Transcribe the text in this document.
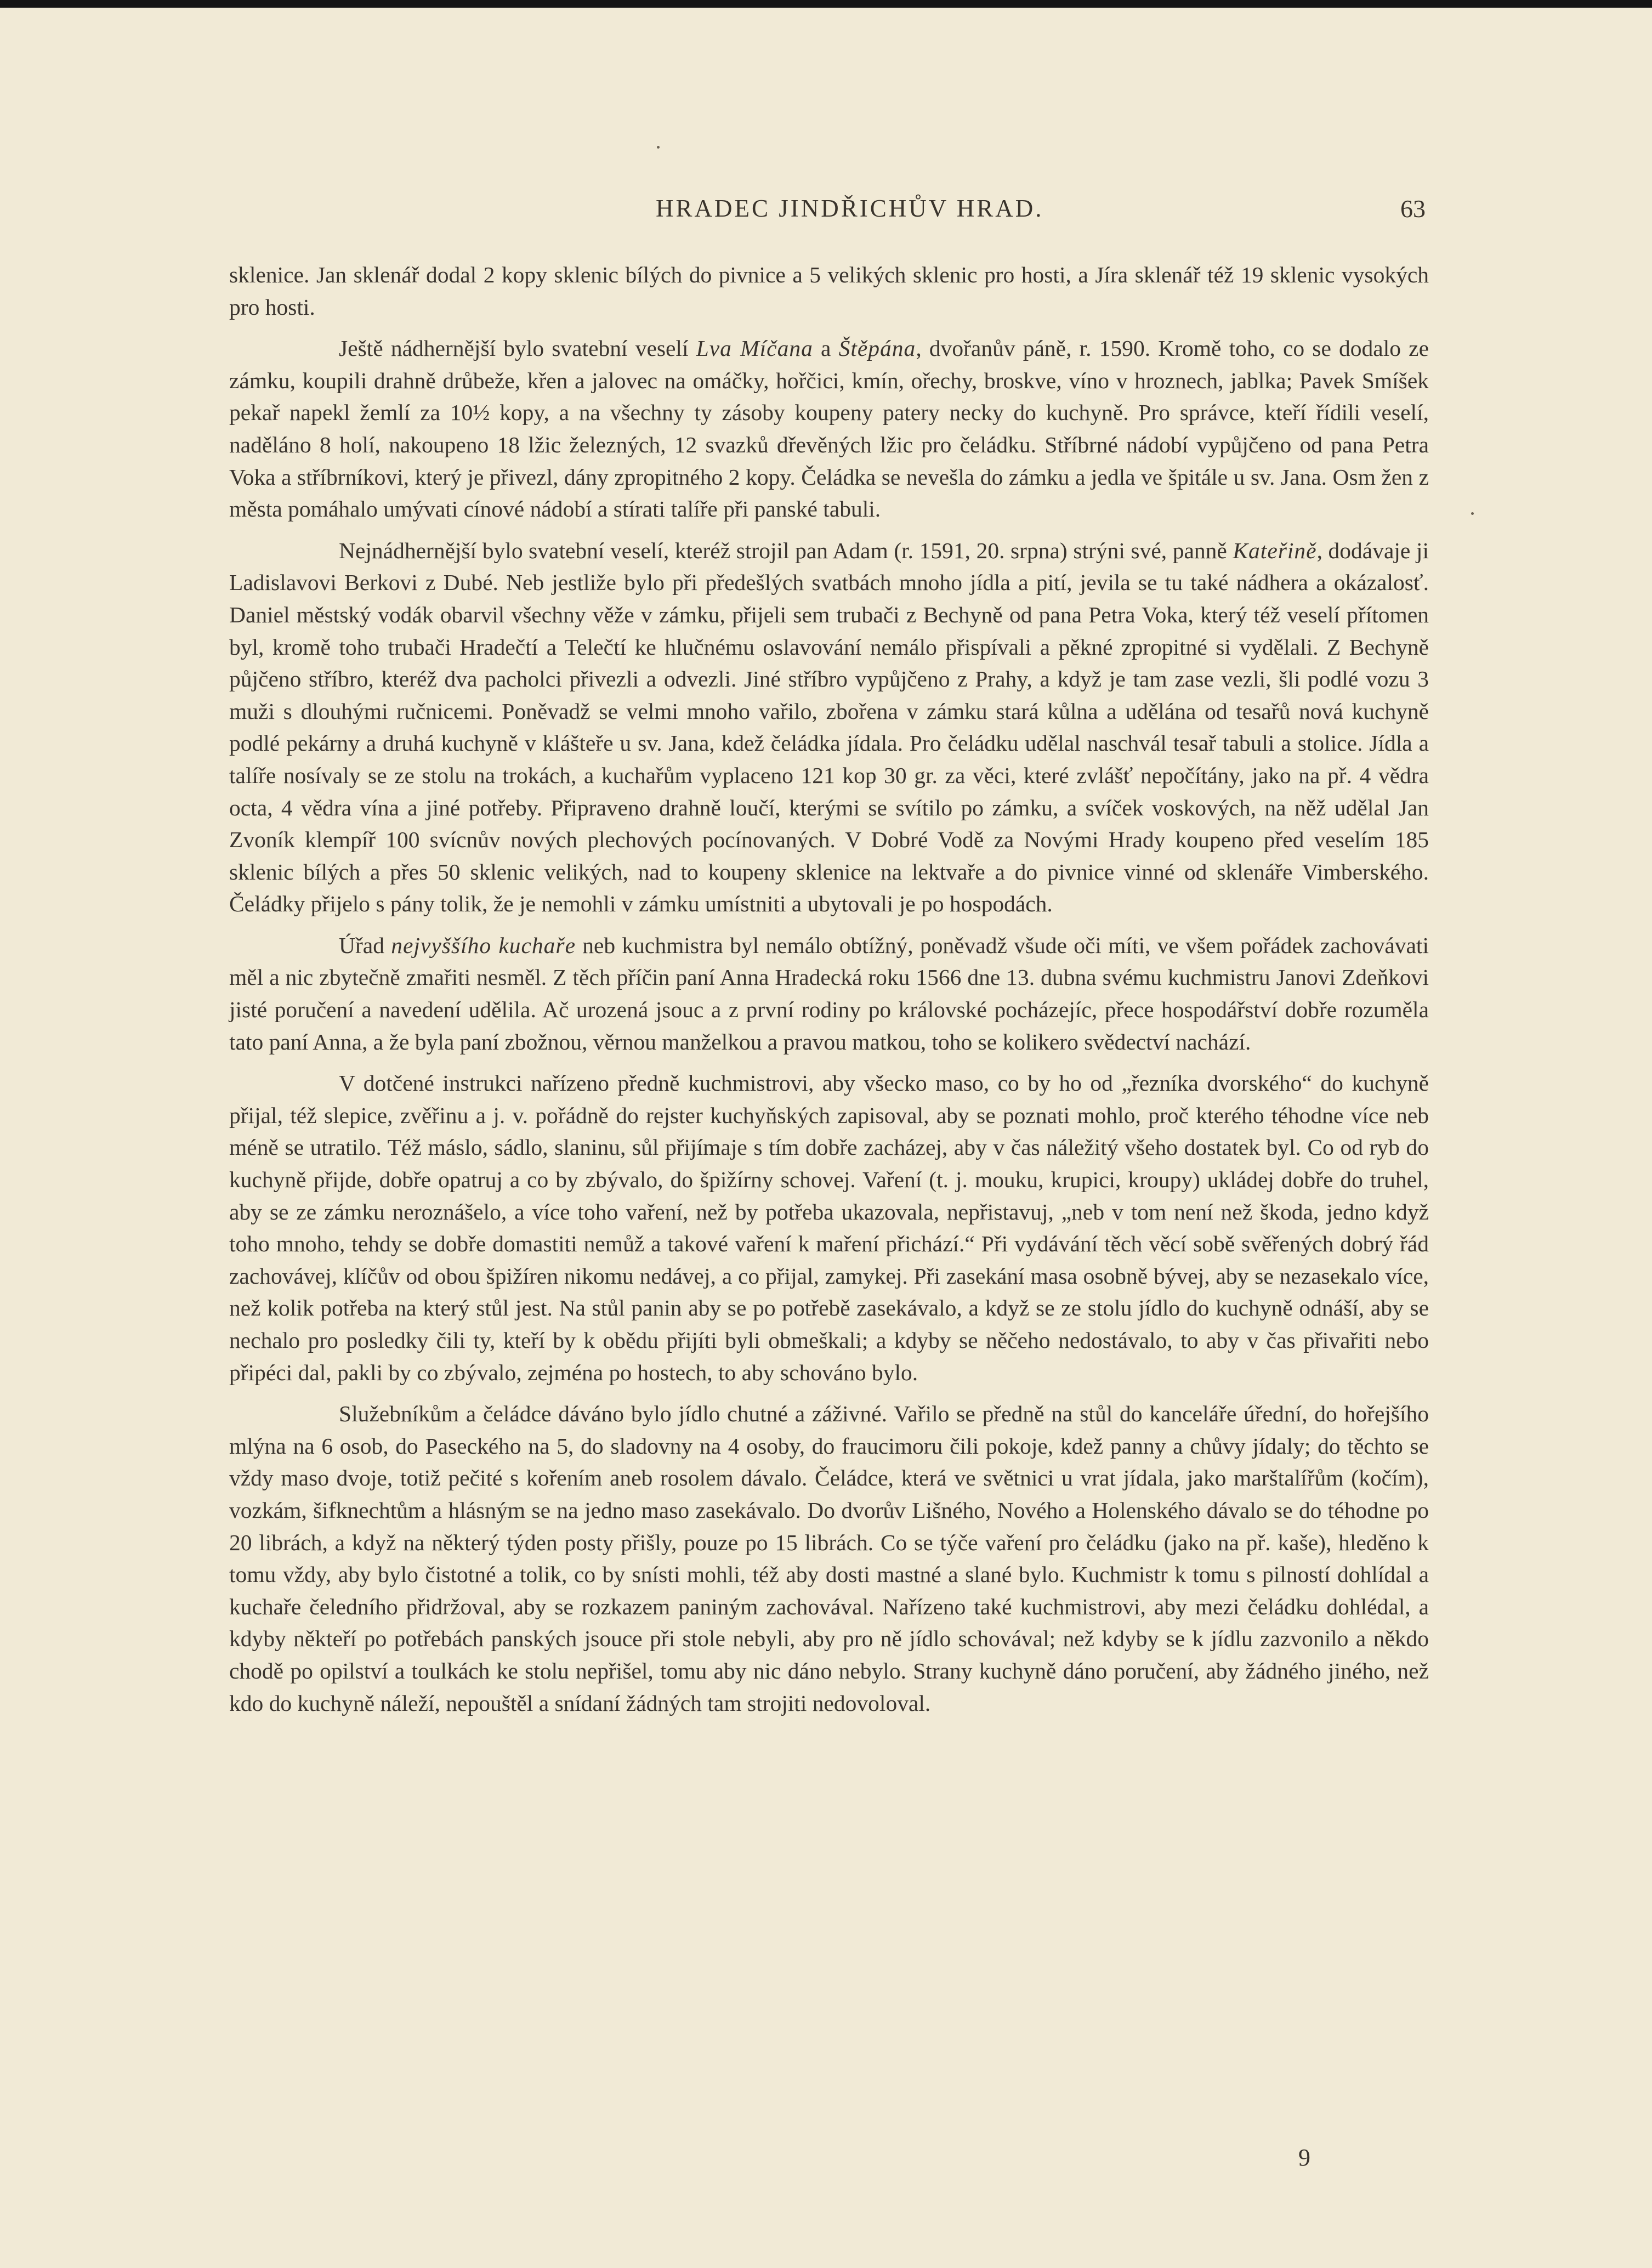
HRADEC JINDŘICHŮV HRAD.	63

sklenice. Jan sklenář dodal 2 kopy sklenic bílých do pivnice a 5 velikých sklenic pro hosti, a Jíra sklenář též 19 sklenic vysokých pro hosti.

Ještě nádhernější bylo svatební veselí Lva Míčana a Štěpána, dvořanův páně, r. 1590. Kromě toho, co se dodalo ze zámku, koupili drahně drůbeže, křen a jalovec na omáčky, hořčici, kmín, ořechy, broskve, víno v hroznech, jablka; Pavek Smíšek pekař napekl žemlí za 10½ kopy, a na všechny ty zásoby koupeny patery necky do kuchyně. Pro správce, kteří řídili veselí, naděláno 8 holí, nakoupeno 18 lžic železných, 12 svazků dřevěných lžic pro čeládku. Stříbrné nádobí vypůjčeno od pana Petra Voka a stříbrníkovi, který je přivezl, dány zpropitného 2 kopy. Čeládka se nevešla do zámku a jedla ve špitále u sv. Jana. Osm žen z města pomáhalo umývati cínové nádobí a stírati talíře při panské tabuli.

Nejnádhernější bylo svatební veselí, kteréž strojil pan Adam (r. 1591, 20. srpna) strýni své, panně Kateřině, dodávaje ji Ladislavovi Berkovi z Dubé. Neb jestliže bylo při předešlých svatbách mnoho jídla a pití, jevila se tu také nádhera a okázalosť. Daniel městský vodák obarvil všechny věže v zámku, přijeli sem trubači z Bechyně od pana Petra Voka, který též veselí přítomen byl, kromě toho trubači Hradečtí a Telečtí ke hlučnému oslavování nemálo přispívali a pěkné zpropitné si vydělali. Z Bechyně půjčeno stříbro, kteréž dva pacholci přivezli a odvezli. Jiné stříbro vypůjčeno z Prahy, a když je tam zase vezli, šli podlé vozu 3 muži s dlouhými ručnicemi. Poněvadž se velmi mnoho vařilo, zbořena v zámku stará kůlna a udělána od tesařů nová kuchyně podlé pekárny a druhá kuchyně v klášteře u sv. Jana, kdež čeládka jídala. Pro čeládku udělal naschvál tesař tabuli a stolice. Jídla a talíře nosívaly se ze stolu na trokách, a kuchařům vyplaceno 121 kop 30 gr. za věci, které zvlášť nepočítány, jako na př. 4 vědra octa, 4 vědra vína a jiné potřeby. Připraveno drahně loučí, kterými se svítilo po zámku, a svíček voskových, na něž udělal Jan Zvoník klempíř 100 svícnův nových plechových pocínovaných. V Dobré Vodě za Novými Hrady koupeno před veselím 185 sklenic bílých a přes 50 sklenic velikých, nad to koupeny sklenice na lektvaře a do pivnice vinné od sklenáře Vimberského. Čeládky přijelo s pány tolik, že je nemohli v zámku umístniti a ubytovali je po hospodách.

Úřad nejvyššího kuchaře neb kuchmistra byl nemálo obtížný, poněvadž všude oči míti, ve všem pořádek zachovávati měl a nic zbytečně zmařiti nesměl. Z těch příčin paní Anna Hradecká roku 1566 dne 13. dubna svému kuchmistru Janovi Zdeňkovi jisté poručení a navedení udělila. Ač urozená jsouc a z první rodiny po královské pocházejíc, přece hospodářství dobře rozuměla tato paní Anna, a že byla paní zbožnou, věrnou manželkou a pravou matkou, toho se kolikero svědectví nachází.

V dotčené instrukci nařízeno předně kuchmistrovi, aby všecko maso, co by ho od „řezníka dvorského“ do kuchyně přijal, též slepice, zvěřinu a j. v. pořádně do rejster kuchyňských zapisoval, aby se poznati mohlo, proč kterého téhodne více neb méně se utratilo. Též máslo, sádlo, slaninu, sůl přijímaje s tím dobře zacházej, aby v čas náležitý všeho dostatek byl. Co od ryb do kuchyně přijde, dobře opatruj a co by zbývalo, do špižírny schovej. Vaření (t. j. mouku, krupici, kroupy) ukládej dobře do truhel, aby se ze zámku neroznášelo, a více toho vaření, než by potřeba ukazovala, nepřistavuj, „neb v tom není než škoda, jedno když toho mnoho, tehdy se dobře domastiti nemůž a takové vaření k maření přichází.“ Při vydávání těch věcí sobě svěřených dobrý řád zachovávej, klíčův od obou špižíren nikomu nedávej, a co přijal, zamykej. Při zasekání masa osobně bývej, aby se nezasekalo více, než kolik potřeba na který stůl jest. Na stůl panin aby se po potřebě zasekávalo, a když se ze stolu jídlo do kuchyně odnáší, aby se nechalo pro posledky čili ty, kteří by k obědu přijíti byli obmeškali; a kdyby se něčeho nedostávalo, to aby v čas přivařiti nebo připéci dal, pakli by co zbývalo, zejména po hostech, to aby schováno bylo.

Služebníkům a čeládce dáváno bylo jídlo chutné a záživné. Vařilo se předně na stůl do kanceláře úřední, do hořejšího mlýna na 6 osob, do Paseckého na 5, do sladovny na 4 osoby, do fraucimoru čili pokoje, kdež panny a chůvy jídaly; do těchto se vždy maso dvoje, totiž pečité s kořením aneb rosolem dávalo. Čeládce, která ve světnici u vrat jídala, jako marštalířům (kočím), vozkám, šifknechtům a hlásným se na jedno maso zasekávalo. Do dvorův Lišného, Nového a Holenského dávalo se do téhodne po 20 librách, a když na některý týden posty přišly, pouze po 15 librách. Co se týče vaření pro čeládku (jako na př. kaše), hleděno k tomu vždy, aby bylo čistotné a tolik, co by snísti mohli, též aby dosti mastné a slané bylo. Kuchmistr k tomu s pilností dohlídal a kuchaře čeledního přidržoval, aby se rozkazem paniným zachovával. Nařízeno také kuchmistrovi, aby mezi čeládku dohlédal, a kdyby někteří po potřebách panských jsouce při stole nebyli, aby pro ně jídlo schovával; než kdyby se k jídlu zazvonilo a někdo chodě po opilství a toulkách ke stolu nepřišel, tomu aby nic dáno nebylo. Strany kuchyně dáno poručení, aby žádného jiného, než kdo do kuchyně náleží, nepouštěl a snídaní žádných tam strojiti nedovoloval.

9
